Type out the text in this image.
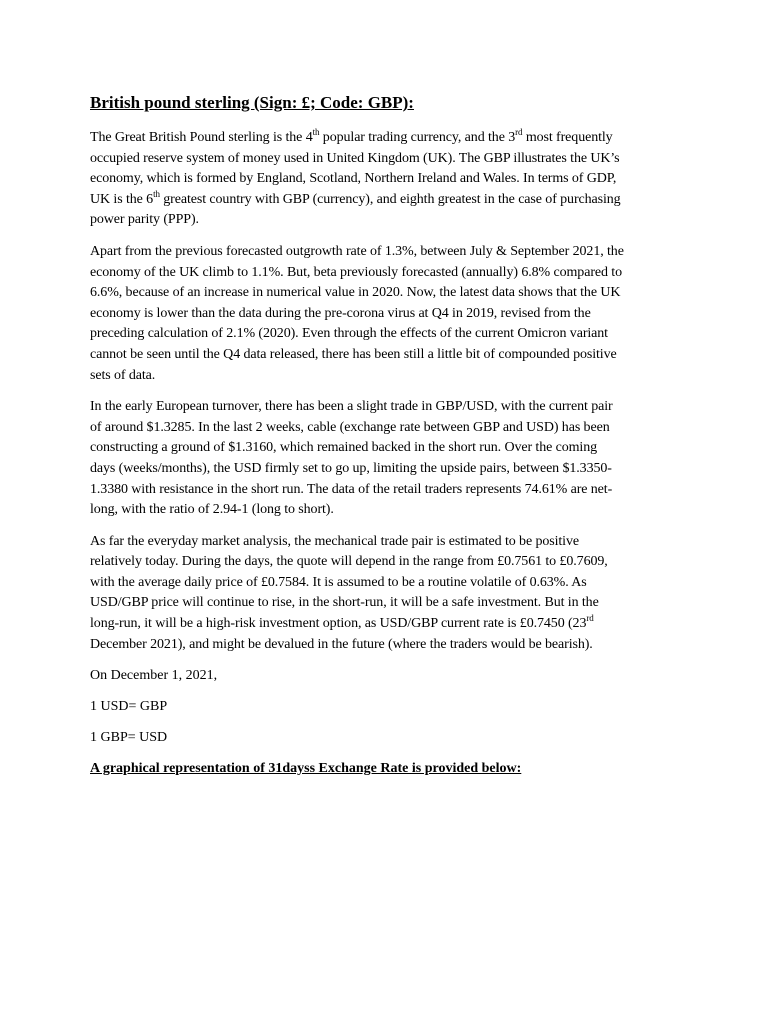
British pound sterling (Sign: £; Code: GBP):

The Great British Pound sterling is the 4th popular trading currency, and the 3rd most frequently
occupied reserve system of money used in United Kingdom (UK). The GBP illustrates the UK’s
economy, which is formed by England, Scotland, Northern Ireland and Wales. In terms of GDP,
UK is the 6th greatest country with GBP (currency), and eighth greatest in the case of purchasing
power parity (PPP).

Apart from the previous forecasted outgrowth rate of 1.3%, between July & September 2021, the
economy of the UK climb to 1.1%. But, beta previously forecasted (annually) 6.8% compared to
6.6%, because of an increase in numerical value in 2020. Now, the latest data shows that the UK
economy is lower than the data during the pre-corona virus at Q4 in 2019, revised from the
preceding calculation of 2.1% (2020). Even through the effects of the current Omicron variant
cannot be seen until the Q4 data released, there has been still a little bit of compounded positive
sets of data.

In the early European turnover, there has been a slight trade in GBP/USD, with the current pair
of around $1.3285. In the last 2 weeks, cable (exchange rate between GBP and USD) has been
constructing a ground of $1.3160, which remained backed in the short run. Over the coming
days (weeks/months), the USD firmly set to go up, limiting the upside pairs, between $1.3350-
1.3380 with resistance in the short run. The data of the retail traders represents 74.61% are net-
long, with the ratio of 2.94-1 (long to short).

As far the everyday market analysis, the mechanical trade pair is estimated to be positive
relatively today. During the days, the quote will depend in the range from £0.7561 to £0.7609,
with the average daily price of £0.7584. It is assumed to be a routine volatile of 0.63%. As
USD/GBP price will continue to rise, in the short-run, it will be a safe investment. But in the
long-run, it will be a high-risk investment option, as USD/GBP current rate is £0.7450 (23rd
December 2021), and might be devalued in the future (where the traders would be bearish).

On December 1, 2021,

1 USD= GBP

1 GBP= USD

A graphical representation of 31dayss Exchange Rate is provided below:
